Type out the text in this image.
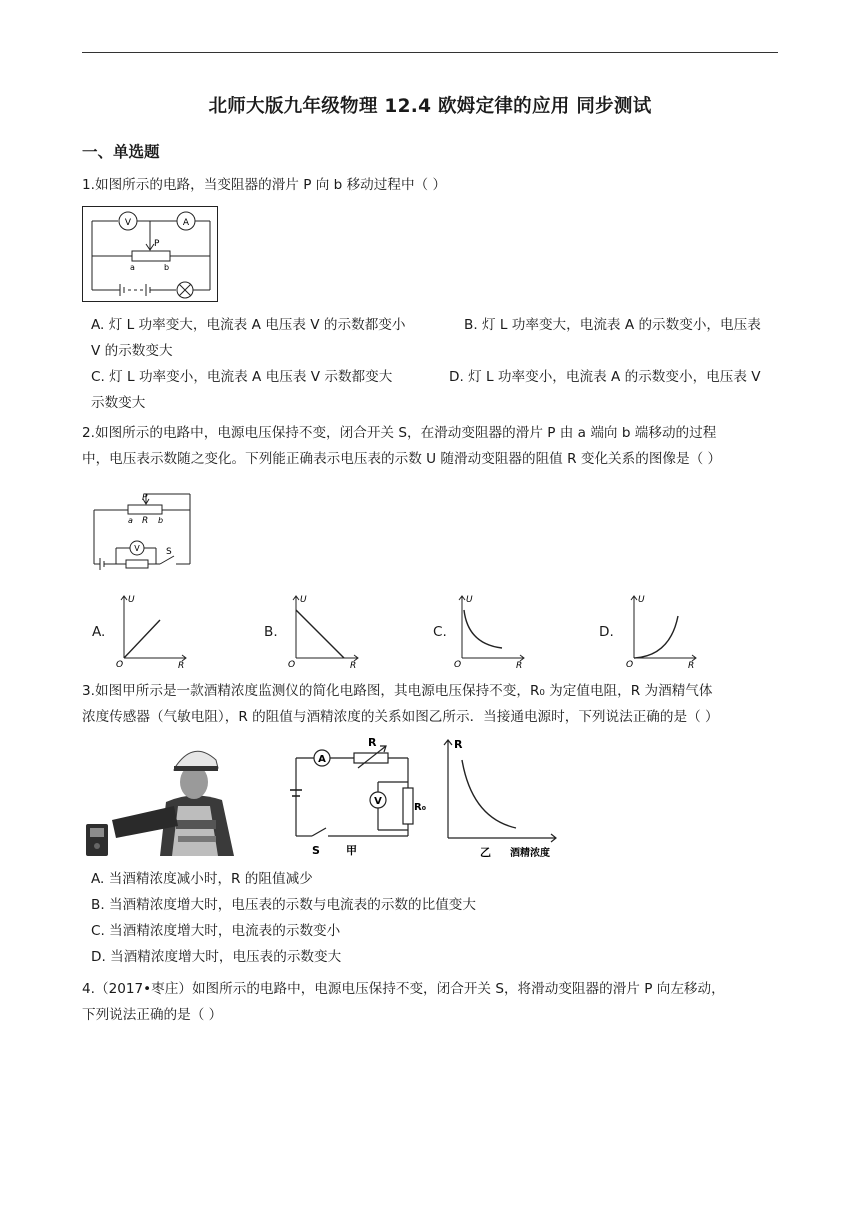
北师大版九年级物理 12.4 欧姆定律的应用 同步测试
一、单选题
1.如图所示的电路，当变阻器的滑片 P 向 b 移动过程中（ ）
V	A
P
a	b
A. 灯 L 功率变大，电流表 A 电压表 V 的示数都变小	B. 灯 L 功率变大，电流表 A 的示数变小，电压表
V 的示数变大
C. 灯 L 功率变小，电流表 A 电压表 V 示数都变大	D. 灯 L 功率变小，电流表 A 的示数变小，电压表 V
示数变大
2.如图所示的电路中，电源电压保持不变，闭合开关 S，在滑动变阻器的滑片 P 由 a 端向 b 端移动的过程
中，电压表示数随之变化。下列能正确表示电压表的示数 U 随滑动变阻器的阻值 R 变化关系的图像是（ ）
P
a R b
V	S
A.
U
O	R
B.
U
O	R
C.
U
O	R
D.
U
O	R
3.如图甲所示是一款酒精浓度监测仪的简化电路图，其电源电压保持不变，R₀ 为定值电阻，R 为酒精气体
浓度传感器（气敏电阻），R 的阻值与酒精浓度的关系如图乙所示．当接通电源时，下列说法正确的是（ ）
A
R
V
R₀
S 甲
R
乙 酒精浓度
A. 当酒精浓度减小时，R 的阻值减少
B. 当酒精浓度增大时，电压表的示数与电流表的示数的比值变大
C. 当酒精浓度增大时，电流表的示数变小
D. 当酒精浓度增大时，电压表的示数变大
4.（2017•枣庄）如图所示的电路中，电源电压保持不变，闭合开关 S，将滑动变阻器的滑片 P 向左移动，
下列说法正确的是（ ）
